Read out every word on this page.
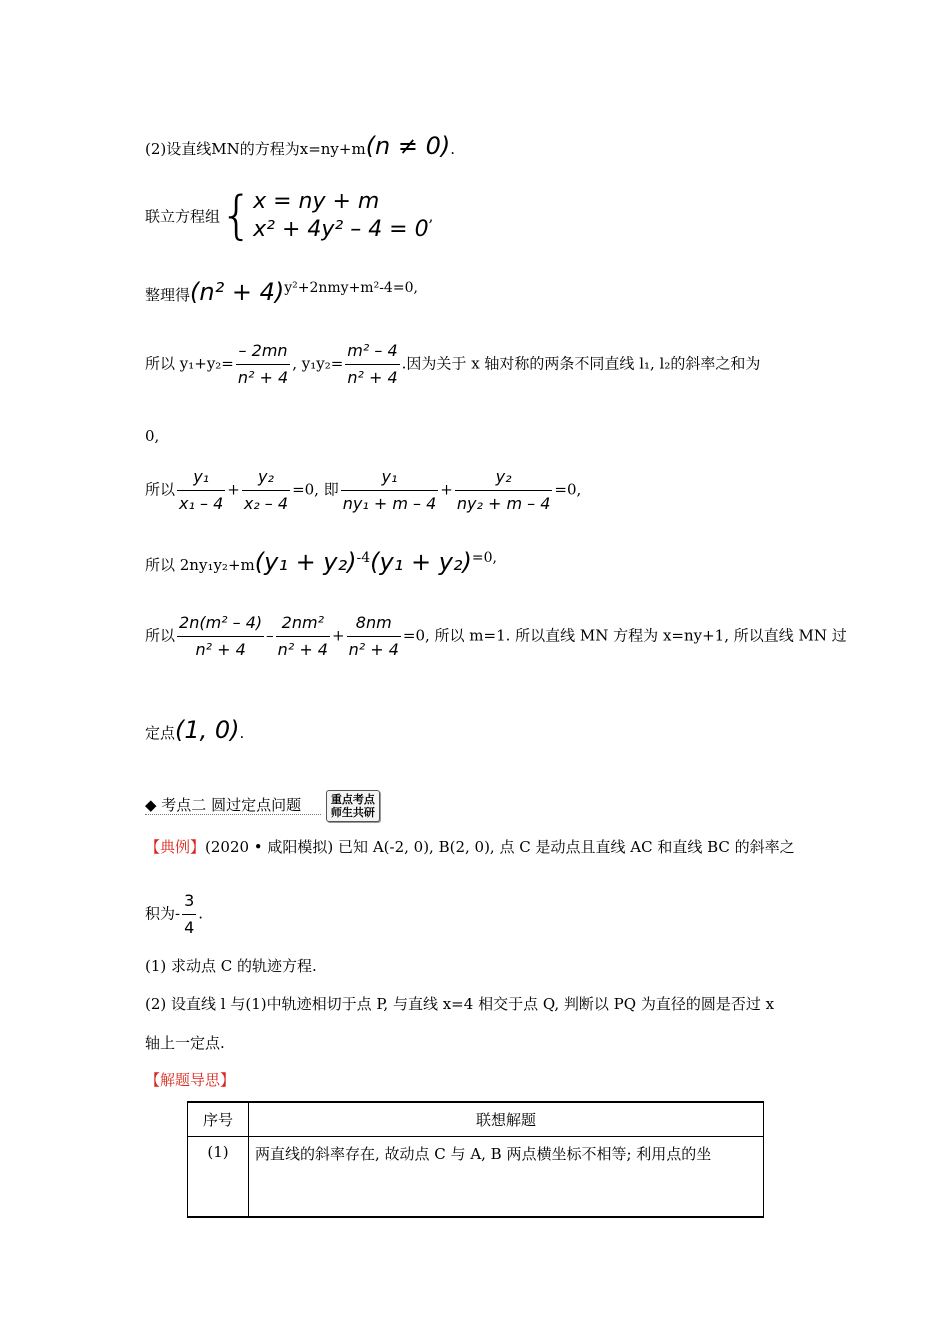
(2)设直线MN的方程为x=ny+m(n ≠ 0).
联立方程组{ x = ny + m
x² + 4y² – 4 = 0
,
整理得(n² + 4)y²+2nmy+m²-4=0,
所以 $y_1+y_2= \frac{- 2mn}{\text{n² + 4}}$ , $y_1y_2= \frac{\text{m² – 4}}{\text{n² + 4}}$ .因为关于 x 轴对称的两条不同直线 l₁, l₂的斜率之和为
0,
所以 $\frac{\text{y₁}}{\text{x₁ – 4}} + \frac{\text{y₂}}{\text{x₂ – 4}} =0$, 即 $\frac{\text{y₁}}{\text{ny₁ + m – 4}} + \frac{\text{y₂}}{\text{ny₂ + m – 4}} =0$,
所以 2ny₁y₂+m(y₁ + y₂)-4(y₁ + y₂)=0,
所以 $\frac{\text{2n(m² – 4)}}{\text{n² + 4}} - \frac{\text{2nm²}}{\text{n² + 4}} + \frac{8nm}{\text{n² + 4}} =0$, 所以 m=1. 所以直线 MN 方程为 x=ny+1, 所以直线 MN 过
定点(1, 0).
◆ 考点二 圆过定点问题	重点考点
师生共研
【典例】(2020 • 咸阳模拟) 已知 A(-2, 0), B(2, 0), 点 C 是动点且直线 AC 和直线 BC 的斜率之
积为- $\frac{3}{4}$ .
(1) 求动点 C 的轨迹方程.
(2) 设直线 l 与(1)中轨迹相切于点 P, 与直线 x=4 相交于点 Q, 判断以 PQ 为直径的圆是否过 x
轴上一定点.
【解题导思】
序号	联想解题
(1)	两直线的斜率存在, 故动点 C 与 A, B 两点横坐标不相等; 利用点的坐
